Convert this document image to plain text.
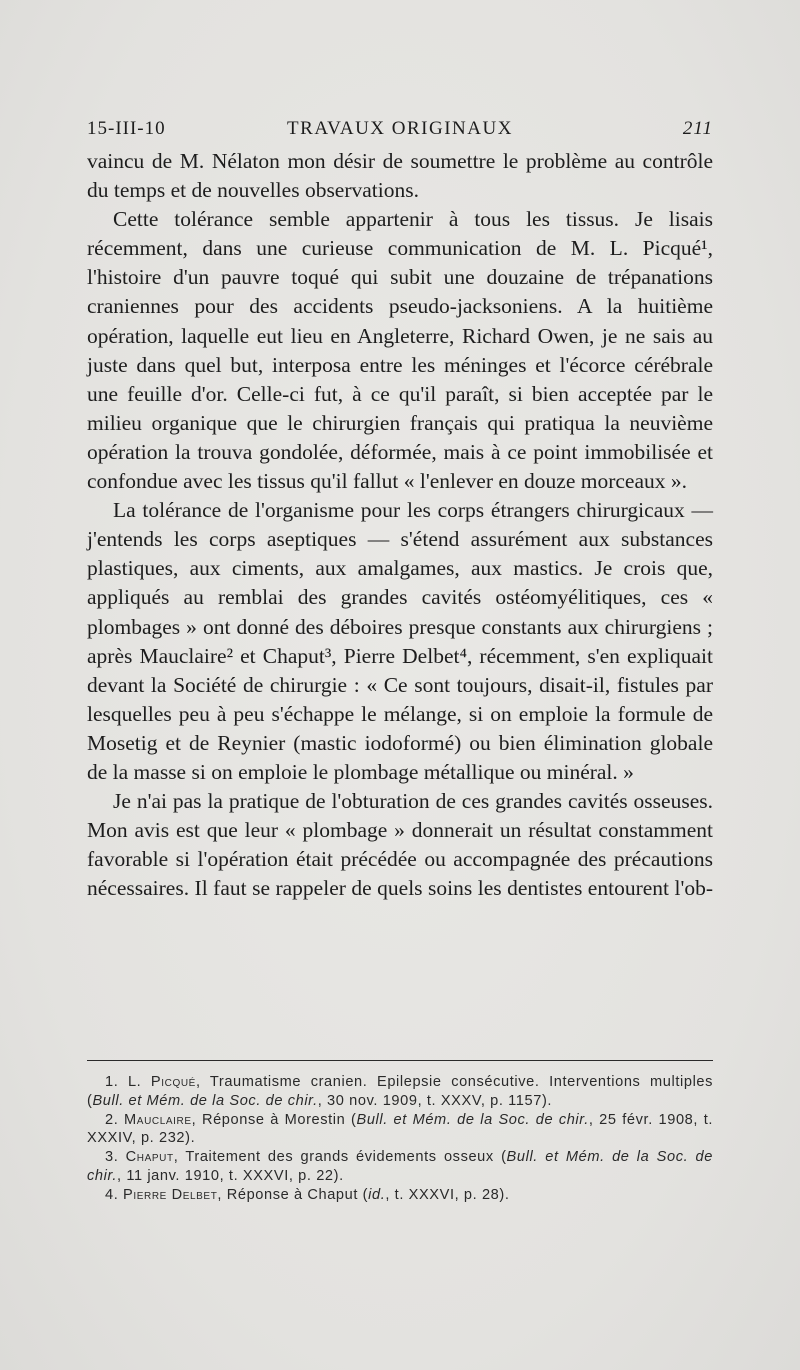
15-III-10	TRAVAUX ORIGINAUX	211

vaincu de M. Nélaton mon désir de soumettre le problème au contrôle du temps et de nouvelles observations.

Cette tolérance semble appartenir à tous les tissus. Je lisais récemment, dans une curieuse communication de M. L. Picqué¹, l'histoire d'un pauvre toqué qui subit une douzaine de trépanations craniennes pour des accidents pseudo-jacksoniens. A la huitième opération, laquelle eut lieu en Angleterre, Richard Owen, je ne sais au juste dans quel but, interposa entre les méninges et l'écorce cérébrale une feuille d'or. Celle-ci fut, à ce qu'il paraît, si bien acceptée par le milieu organique que le chirurgien français qui pratiqua la neuvième opération la trouva gondolée, déformée, mais à ce point immobilisée et confondue avec les tissus qu'il fallut « l'enlever en douze morceaux ».

La tolérance de l'organisme pour les corps étrangers chirurgicaux — j'entends les corps aseptiques — s'étend assurément aux substances plastiques, aux ciments, aux amalgames, aux mastics. Je crois que, appliqués au remblai des grandes cavités ostéomyélitiques, ces « plombages » ont donné des déboires presque constants aux chirurgiens ; après Mauclaire² et Chaput³, Pierre Delbet⁴, récemment, s'en expliquait devant la Société de chirurgie : « Ce sont toujours, disait-il, fistules par lesquelles peu à peu s'échappe le mélange, si on emploie la formule de Mosetig et de Reynier (mastic iodoformé) ou bien élimination globale de la masse si on emploie le plombage métallique ou minéral. »

Je n'ai pas la pratique de l'obturation de ces grandes cavités osseuses. Mon avis est que leur « plombage » donnerait un résultat constamment favorable si l'opération était précédée ou accompagnée des précautions nécessaires. Il faut se rappeler de quels soins les dentistes entourent l'ob-

1. L. Picqué, Traumatisme cranien. Epilepsie consécutive. Interventions multiples (Bull. et Mém. de la Soc. de chir., 30 nov. 1909, t. XXXV, p. 1157).

2. Mauclaire, Réponse à Morestin (Bull. et Mém. de la Soc. de chir., 25 févr. 1908, t. XXXIV, p. 232).

3. Chaput, Traitement des grands évidements osseux (Bull. et Mém. de la Soc. de chir., 11 janv. 1910, t. XXXVI, p. 22).

4. Pierre Delbet, Réponse à Chaput (id., t. XXXVI, p. 28).
